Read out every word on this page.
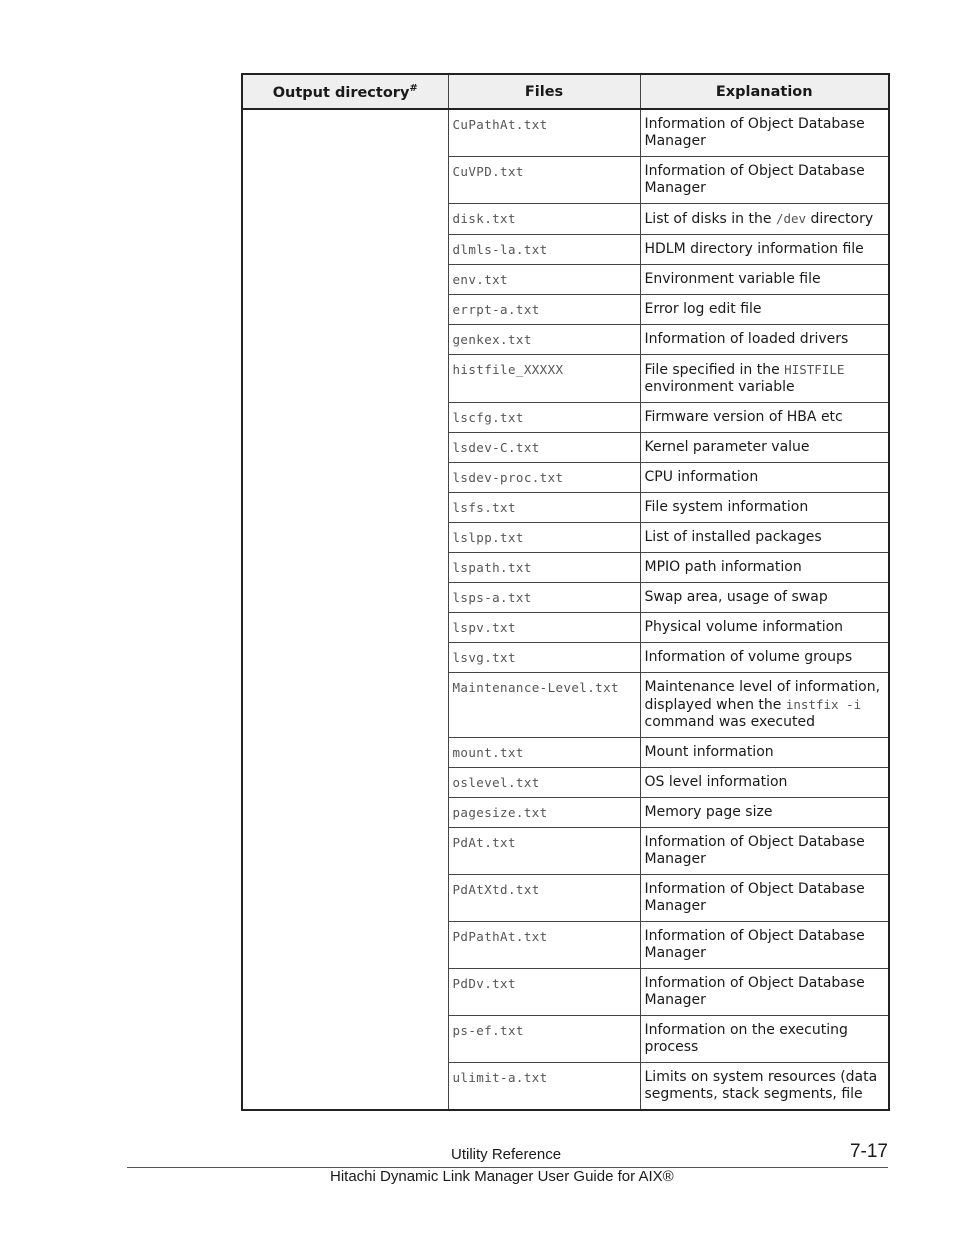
Output directory#	Files	Explanation
	CuPathAt.txt	Information of Object Database Manager
	CuVPD.txt	Information of Object Database Manager
	disk.txt	List of disks in the /dev directory
	dlmls-la.txt	HDLM directory information file
	env.txt	Environment variable file
	errpt-a.txt	Error log edit file
	genkex.txt	Information of loaded drivers
	histfile_XXXXX	File specified in the HISTFILE environment variable
	lscfg.txt	Firmware version of HBA etc
	lsdev-C.txt	Kernel parameter value
	lsdev-proc.txt	CPU information
	lsfs.txt	File system information
	lslpp.txt	List of installed packages
	lspath.txt	MPIO path information
	lsps-a.txt	Swap area, usage of swap
	lspv.txt	Physical volume information
	lsvg.txt	Information of volume groups
	Maintenance-Level.txt	Maintenance level of information, displayed when the instfix -i command was executed
	mount.txt	Mount information
	oslevel.txt	OS level information
	pagesize.txt	Memory page size
	PdAt.txt	Information of Object Database Manager
	PdAtXtd.txt	Information of Object Database Manager
	PdPathAt.txt	Information of Object Database Manager
	PdDv.txt	Information of Object Database Manager
	ps-ef.txt	Information on the executing process
	ulimit-a.txt	Limits on system resources (data segments, stack segments, file
Utility Reference	7-17
Hitachi Dynamic Link Manager User Guide for AIX®
